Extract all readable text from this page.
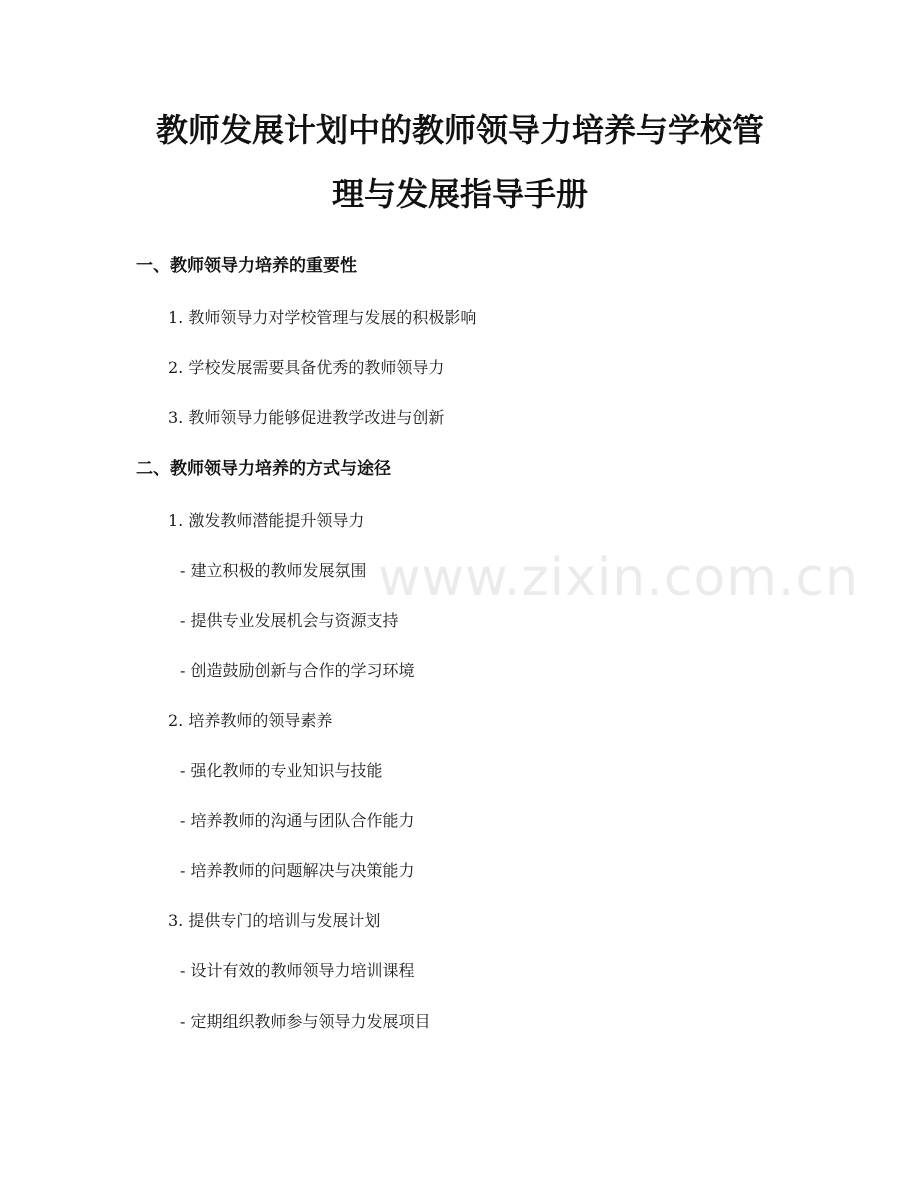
教师发展计划中的教师领导力培养与学校管
理与发展指导手册
一、教师领导力培养的重要性
1. 教师领导力对学校管理与发展的积极影响
2. 学校发展需要具备优秀的教师领导力
3. 教师领导力能够促进教学改进与创新
二、教师领导力培养的方式与途径
1. 激发教师潜能提升领导力
- 建立积极的教师发展氛围
- 提供专业发展机会与资源支持
- 创造鼓励创新与合作的学习环境
2. 培养教师的领导素养
- 强化教师的专业知识与技能
- 培养教师的沟通与团队合作能力
- 培养教师的问题解决与决策能力
3. 提供专门的培训与发展计划
- 设计有效的教师领导力培训课程
- 定期组织教师参与领导力发展项目
www.zixin.com.cn
